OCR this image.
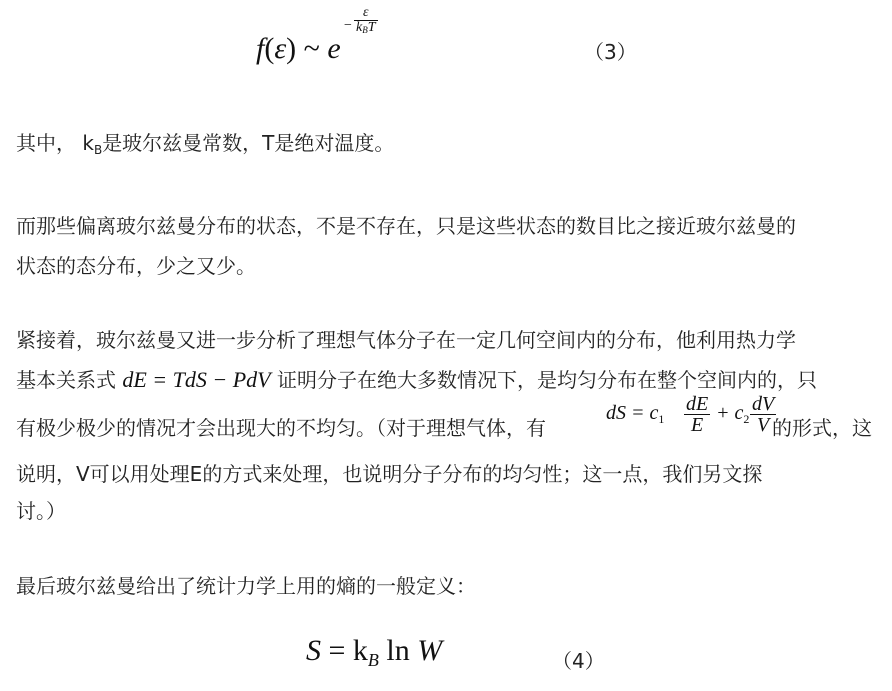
f(ε) ~ e
−
ε
$k_BT$
（3）
其中， $k_B$是玻尔兹曼常数，T是绝对温度。
而那些偏离玻尔兹曼分布的状态，不是不存在，只是这些状态的数目比之接近玻尔兹曼的
状态的态分布，少之又少。
紧接着，玻尔兹曼又进一步分析了理想气体分子在一定几何空间内的分布，他利用热力学
基本关系式 dE = TdS − PdV 证明分子在绝大多数情况下，是均匀分布在整个空间内的，只
有极少极少的情况才会出现大的不均匀。（对于理想气体，有
dS = $c_1 \frac{dE}{E} + c_2 \frac{dV}{V}$
的形式，这
说明，V可以用处理E的方式来处理，也说明分子分布的均匀性；这一点，我们另文探
讨。）
最后玻尔兹曼给出了统计力学上用的熵的一般定义：
$S = k_B$ ln W	（4）
